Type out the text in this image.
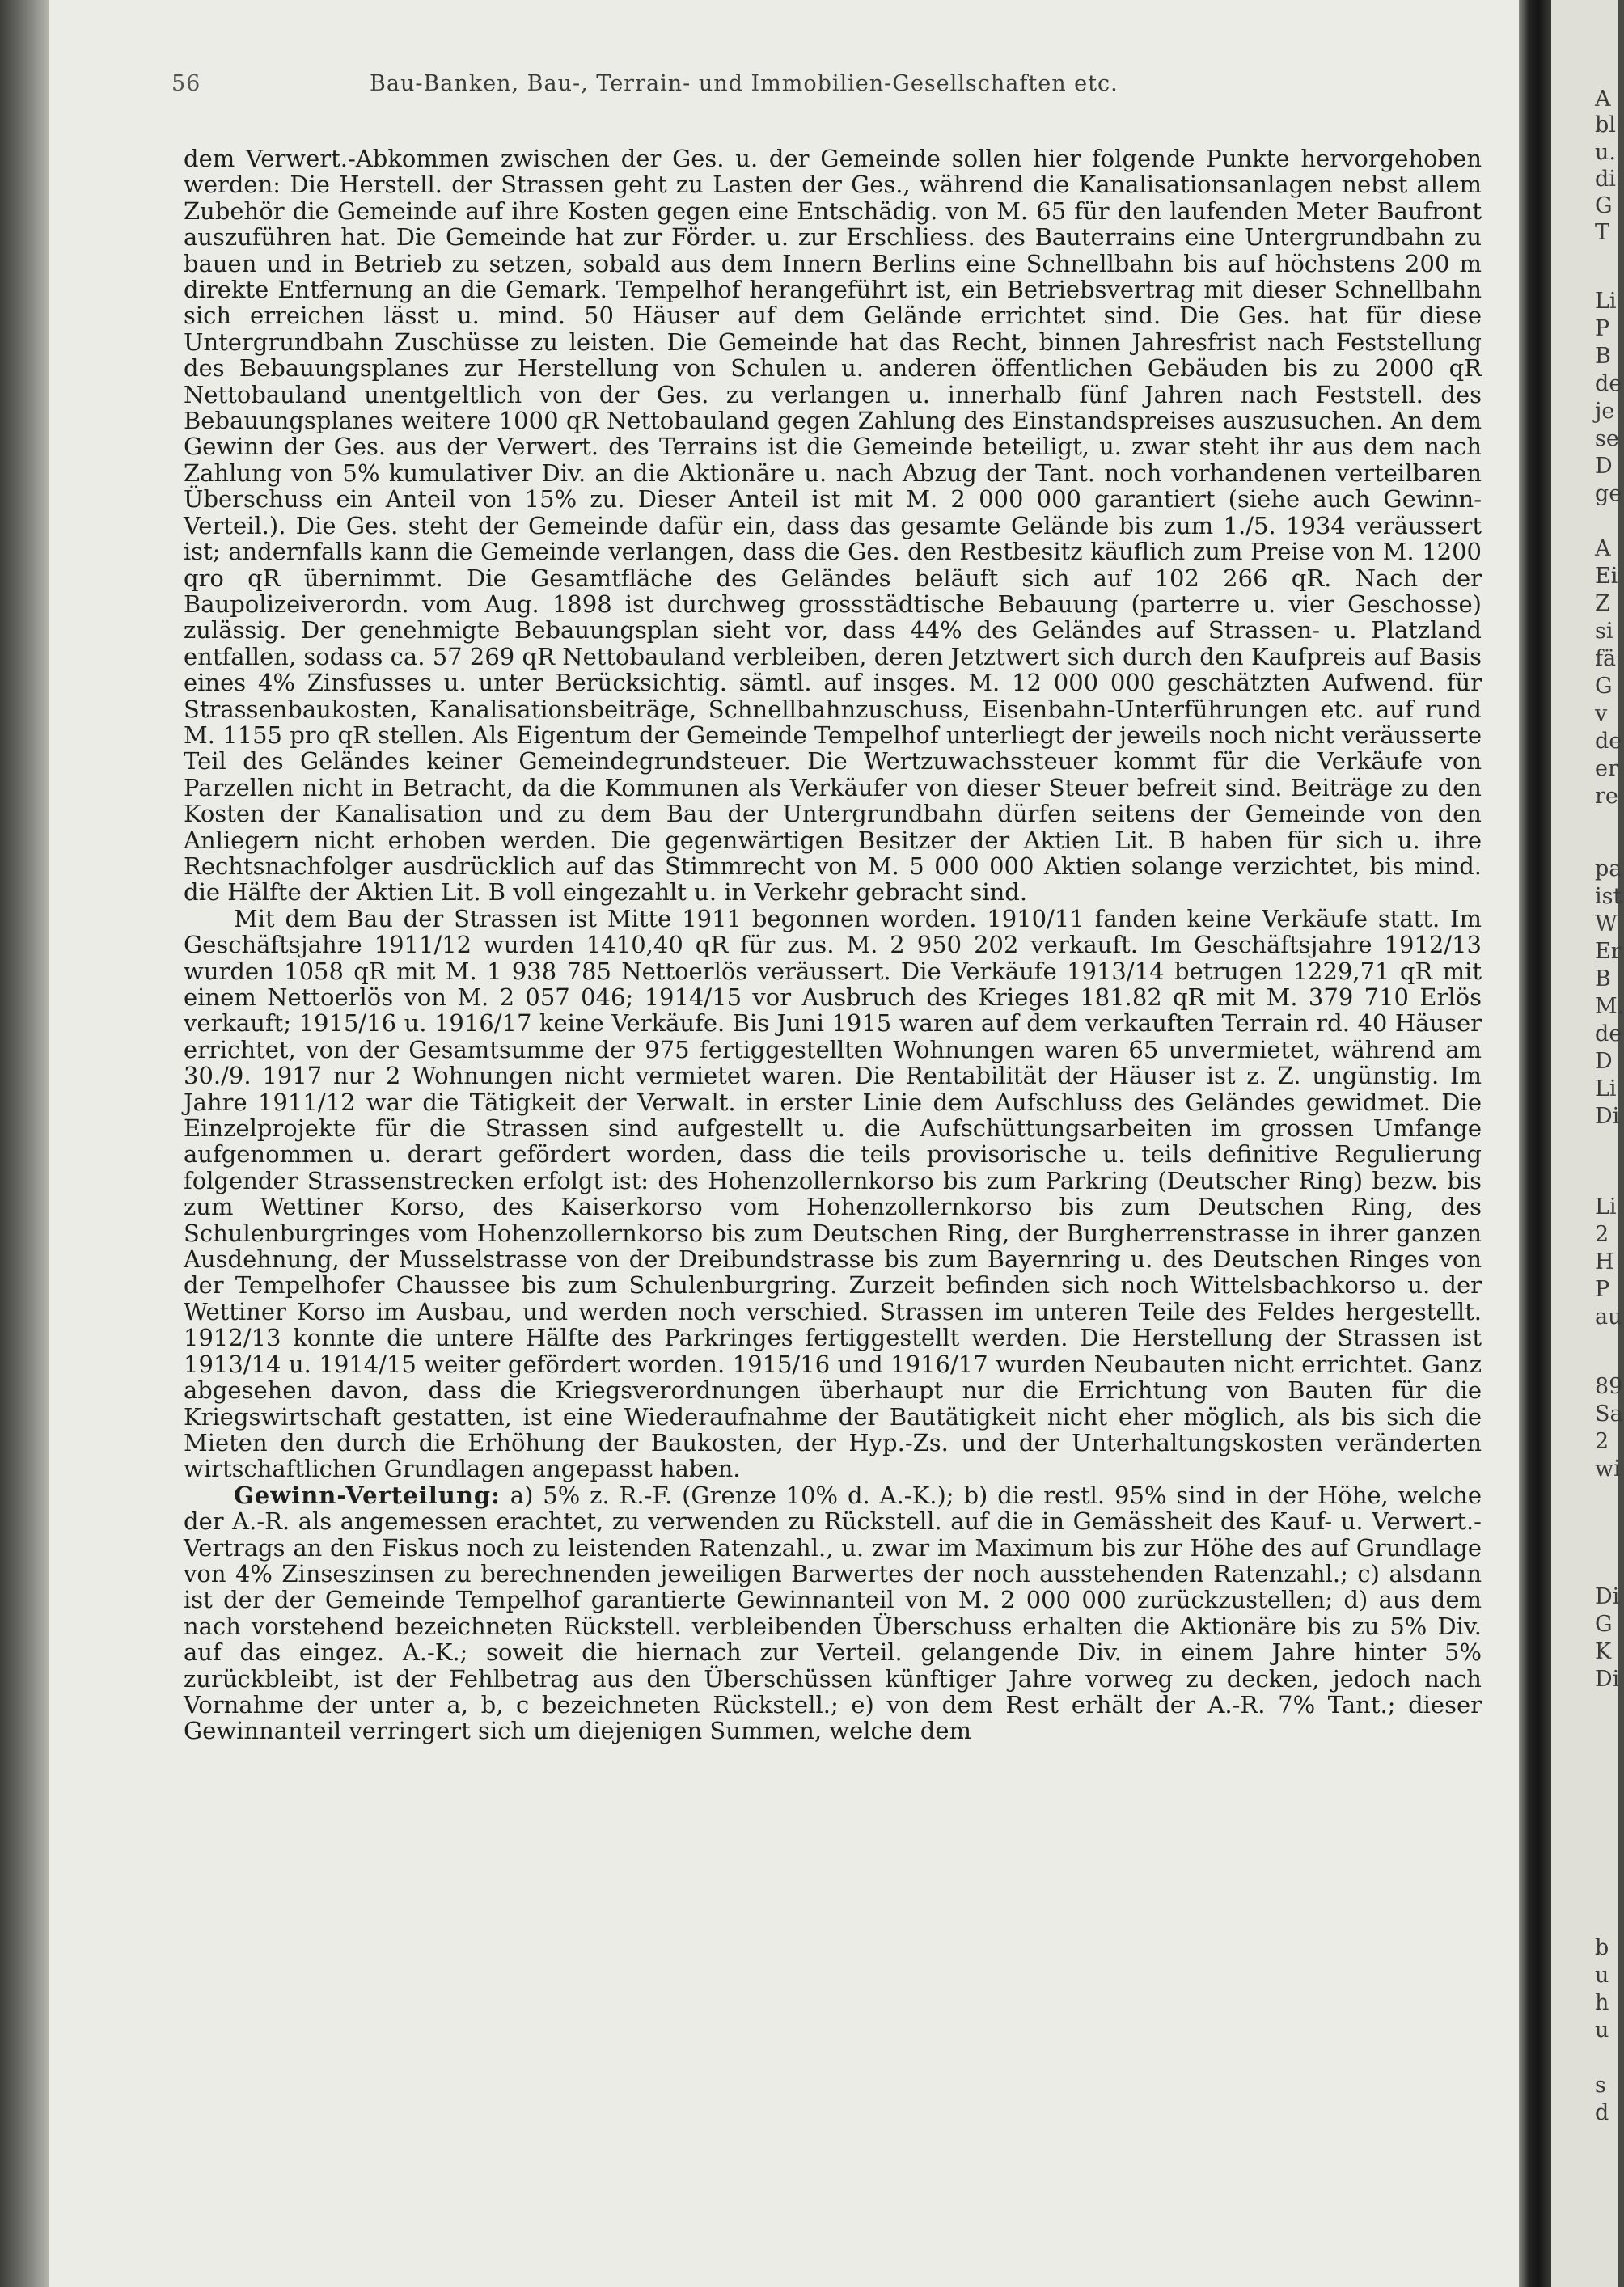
56	Bau-Banken, Bau-, Terrain- und Immobilien-Gesellschaften etc.

dem Verwert.-Abkommen zwischen der Ges. u. der Gemeinde sollen hier folgende Punkte hervorgehoben werden: Die Herstell. der Strassen geht zu Lasten der Ges., während die Kanalisationsanlagen nebst allem Zubehör die Gemeinde auf ihre Kosten gegen eine Entschädig. von M. 65 für den laufenden Meter Baufront auszuführen hat. Die Gemeinde hat zur Förder. u. zur Erschliess. des Bauterrains eine Untergrundbahn zu bauen und in Betrieb zu setzen, sobald aus dem Innern Berlins eine Schnellbahn bis auf höchstens 200 m direkte Entfernung an die Gemark. Tempelhof herangeführt ist, ein Betriebsvertrag mit dieser Schnellbahn sich erreichen lässt u. mind. 50 Häuser auf dem Gelände errichtet sind. Die Ges. hat für diese Untergrundbahn Zuschüsse zu leisten. Die Gemeinde hat das Recht, binnen Jahresfrist nach Feststellung des Bebauungsplanes zur Herstellung von Schulen u. anderen öffentlichen Gebäuden bis zu 2000 qR Nettobauland unentgeltlich von der Ges. zu verlangen u. innerhalb fünf Jahren nach Feststell. des Bebauungsplanes weitere 1000 qR Nettobauland gegen Zahlung des Einstandspreises auszusuchen. An dem Gewinn der Ges. aus der Verwert. des Terrains ist die Gemeinde beteiligt, u. zwar steht ihr aus dem nach Zahlung von 5% kumulativer Div. an die Aktionäre u. nach Abzug der Tant. noch vorhandenen verteilbaren Überschuss ein Anteil von 15% zu. Dieser Anteil ist mit M. 2 000 000 garantiert (siehe auch Gewinn-Verteil.). Die Ges. steht der Gemeinde dafür ein, dass das gesamte Gelände bis zum 1./5. 1934 veräussert ist; andernfalls kann die Gemeinde verlangen, dass die Ges. den Restbesitz käuflich zum Preise von M. 1200 qro qR übernimmt. Die Gesamtfläche des Geländes beläuft sich auf 102 266 qR. Nach der Baupolizeiverordn. vom Aug. 1898 ist durchweg grossstädtische Bebauung (parterre u. vier Geschosse) zulässig. Der genehmigte Bebauungsplan sieht vor, dass 44% des Geländes auf Strassen- u. Platzland entfallen, sodass ca. 57 269 qR Nettobauland verbleiben, deren Jetztwert sich durch den Kaufpreis auf Basis eines 4% Zinsfusses u. unter Berücksichtig. sämtl. auf insges. M. 12 000 000 geschätzten Aufwend. für Strassenbaukosten, Kanalisationsbeiträge, Schnellbahnzuschuss, Eisenbahn-Unterführungen etc. auf rund M. 1155 pro qR stellen. Als Eigentum der Gemeinde Tempelhof unterliegt der jeweils noch nicht veräusserte Teil des Geländes keiner Gemeindegrundsteuer. Die Wertzuwachssteuer kommt für die Verkäufe von Parzellen nicht in Betracht, da die Kommunen als Verkäufer von dieser Steuer befreit sind. Beiträge zu den Kosten der Kanalisation und zu dem Bau der Untergrundbahn dürfen seitens der Gemeinde von den Anliegern nicht erhoben werden. Die gegenwärtigen Besitzer der Aktien Lit. B haben für sich u. ihre Rechtsnachfolger ausdrücklich auf das Stimmrecht von M. 5 000 000 Aktien solange verzichtet, bis mind. die Hälfte der Aktien Lit. B voll eingezahlt u. in Verkehr gebracht sind.

Mit dem Bau der Strassen ist Mitte 1911 begonnen worden. 1910/11 fanden keine Verkäufe statt. Im Geschäftsjahre 1911/12 wurden 1410,40 qR für zus. M. 2 950 202 verkauft. Im Geschäftsjahre 1912/13 wurden 1058 qR mit M. 1 938 785 Nettoerlös veräussert. Die Verkäufe 1913/14 betrugen 1229,71 qR mit einem Nettoerlös von M. 2 057 046; 1914/15 vor Ausbruch des Krieges 181.82 qR mit M. 379 710 Erlös verkauft; 1915/16 u. 1916/17 keine Verkäufe. Bis Juni 1915 waren auf dem verkauften Terrain rd. 40 Häuser errichtet, von der Gesamtsumme der 975 fertiggestellten Wohnungen waren 65 unvermietet, während am 30./9. 1917 nur 2 Wohnungen nicht vermietet waren. Die Rentabilität der Häuser ist z. Z. ungünstig. Im Jahre 1911/12 war die Tätigkeit der Verwalt. in erster Linie dem Aufschluss des Geländes gewidmet. Die Einzelprojekte für die Strassen sind aufgestellt u. die Aufschüttungsarbeiten im grossen Umfange aufgenommen u. derart gefördert worden, dass die teils provisorische u. teils definitive Regulierung folgender Strassenstrecken erfolgt ist: des Hohenzollernkorso bis zum Parkring (Deutscher Ring) bezw. bis zum Wettiner Korso, des Kaiserkorso vom Hohenzollernkorso bis zum Deutschen Ring, des Schulenburgringes vom Hohenzollernkorso bis zum Deutschen Ring, der Burgherrenstrasse in ihrer ganzen Ausdehnung, der Musselstrasse von der Dreibundstrasse bis zum Bayernring u. des Deutschen Ringes von der Tempelhofer Chaussee bis zum Schulenburgring. Zurzeit befinden sich noch Wittelsbachkorso u. der Wettiner Korso im Ausbau, und werden noch verschied. Strassen im unteren Teile des Feldes hergestellt. 1912/13 konnte die untere Hälfte des Parkringes fertiggestellt werden. Die Herstellung der Strassen ist 1913/14 u. 1914/15 weiter gefördert worden. 1915/16 und 1916/17 wurden Neubauten nicht errichtet. Ganz abgesehen davon, dass die Kriegsverordnungen überhaupt nur die Errichtung von Bauten für die Kriegswirtschaft gestatten, ist eine Wiederaufnahme der Bautätigkeit nicht eher möglich, als bis sich die Mieten den durch die Erhöhung der Baukosten, der Hyp.-Zs. und der Unterhaltungskosten veränderten wirtschaftlichen Grundlagen angepasst haben.

Gewinn-Verteilung: a) 5% z. R.-F. (Grenze 10% d. A.-K.); b) die restl. 95% sind in der Höhe, welche der A.-R. als angemessen erachtet, zu verwenden zu Rückstell. auf die in Gemässheit des Kauf- u. Verwert.-Vertrags an den Fiskus noch zu leistenden Ratenzahl., u. zwar im Maximum bis zur Höhe des auf Grundlage von 4% Zinseszinsen zu berechnenden jeweiligen Barwertes der noch ausstehenden Ratenzahl.; c) alsdann ist der der Gemeinde Tempelhof garantierte Gewinnanteil von M. 2 000 000 zurückzustellen; d) aus dem nach vorstehend bezeichneten Rückstell. verbleibenden Überschuss erhalten die Aktionäre bis zu 5% Div. auf das eingez. A.-K.; soweit die hiernach zur Verteil. gelangende Div. in einem Jahre hinter 5% zurückbleibt, ist der Fehlbetrag aus den Überschüssen künftiger Jahre vorweg zu decken, jedoch nach Vornahme der unter a, b, c bezeichneten Rückstell.; e) von dem Rest erhält der A.-R. 7% Tant.; dieser Gewinnanteil verringert sich um diejenigen Summen, welche dem

A
bl
u.
di
G
T
Li
P
B
de
je
se
D
ge
A
Ei
Z
si
fä
G
v
de
er
re
pa
ist
W
Er
B
M.
de
D
Li
Di
Li
2
H
P
au
89
Sa
2
wi
Di
G
K
Di
b
u
h
u
s
d
